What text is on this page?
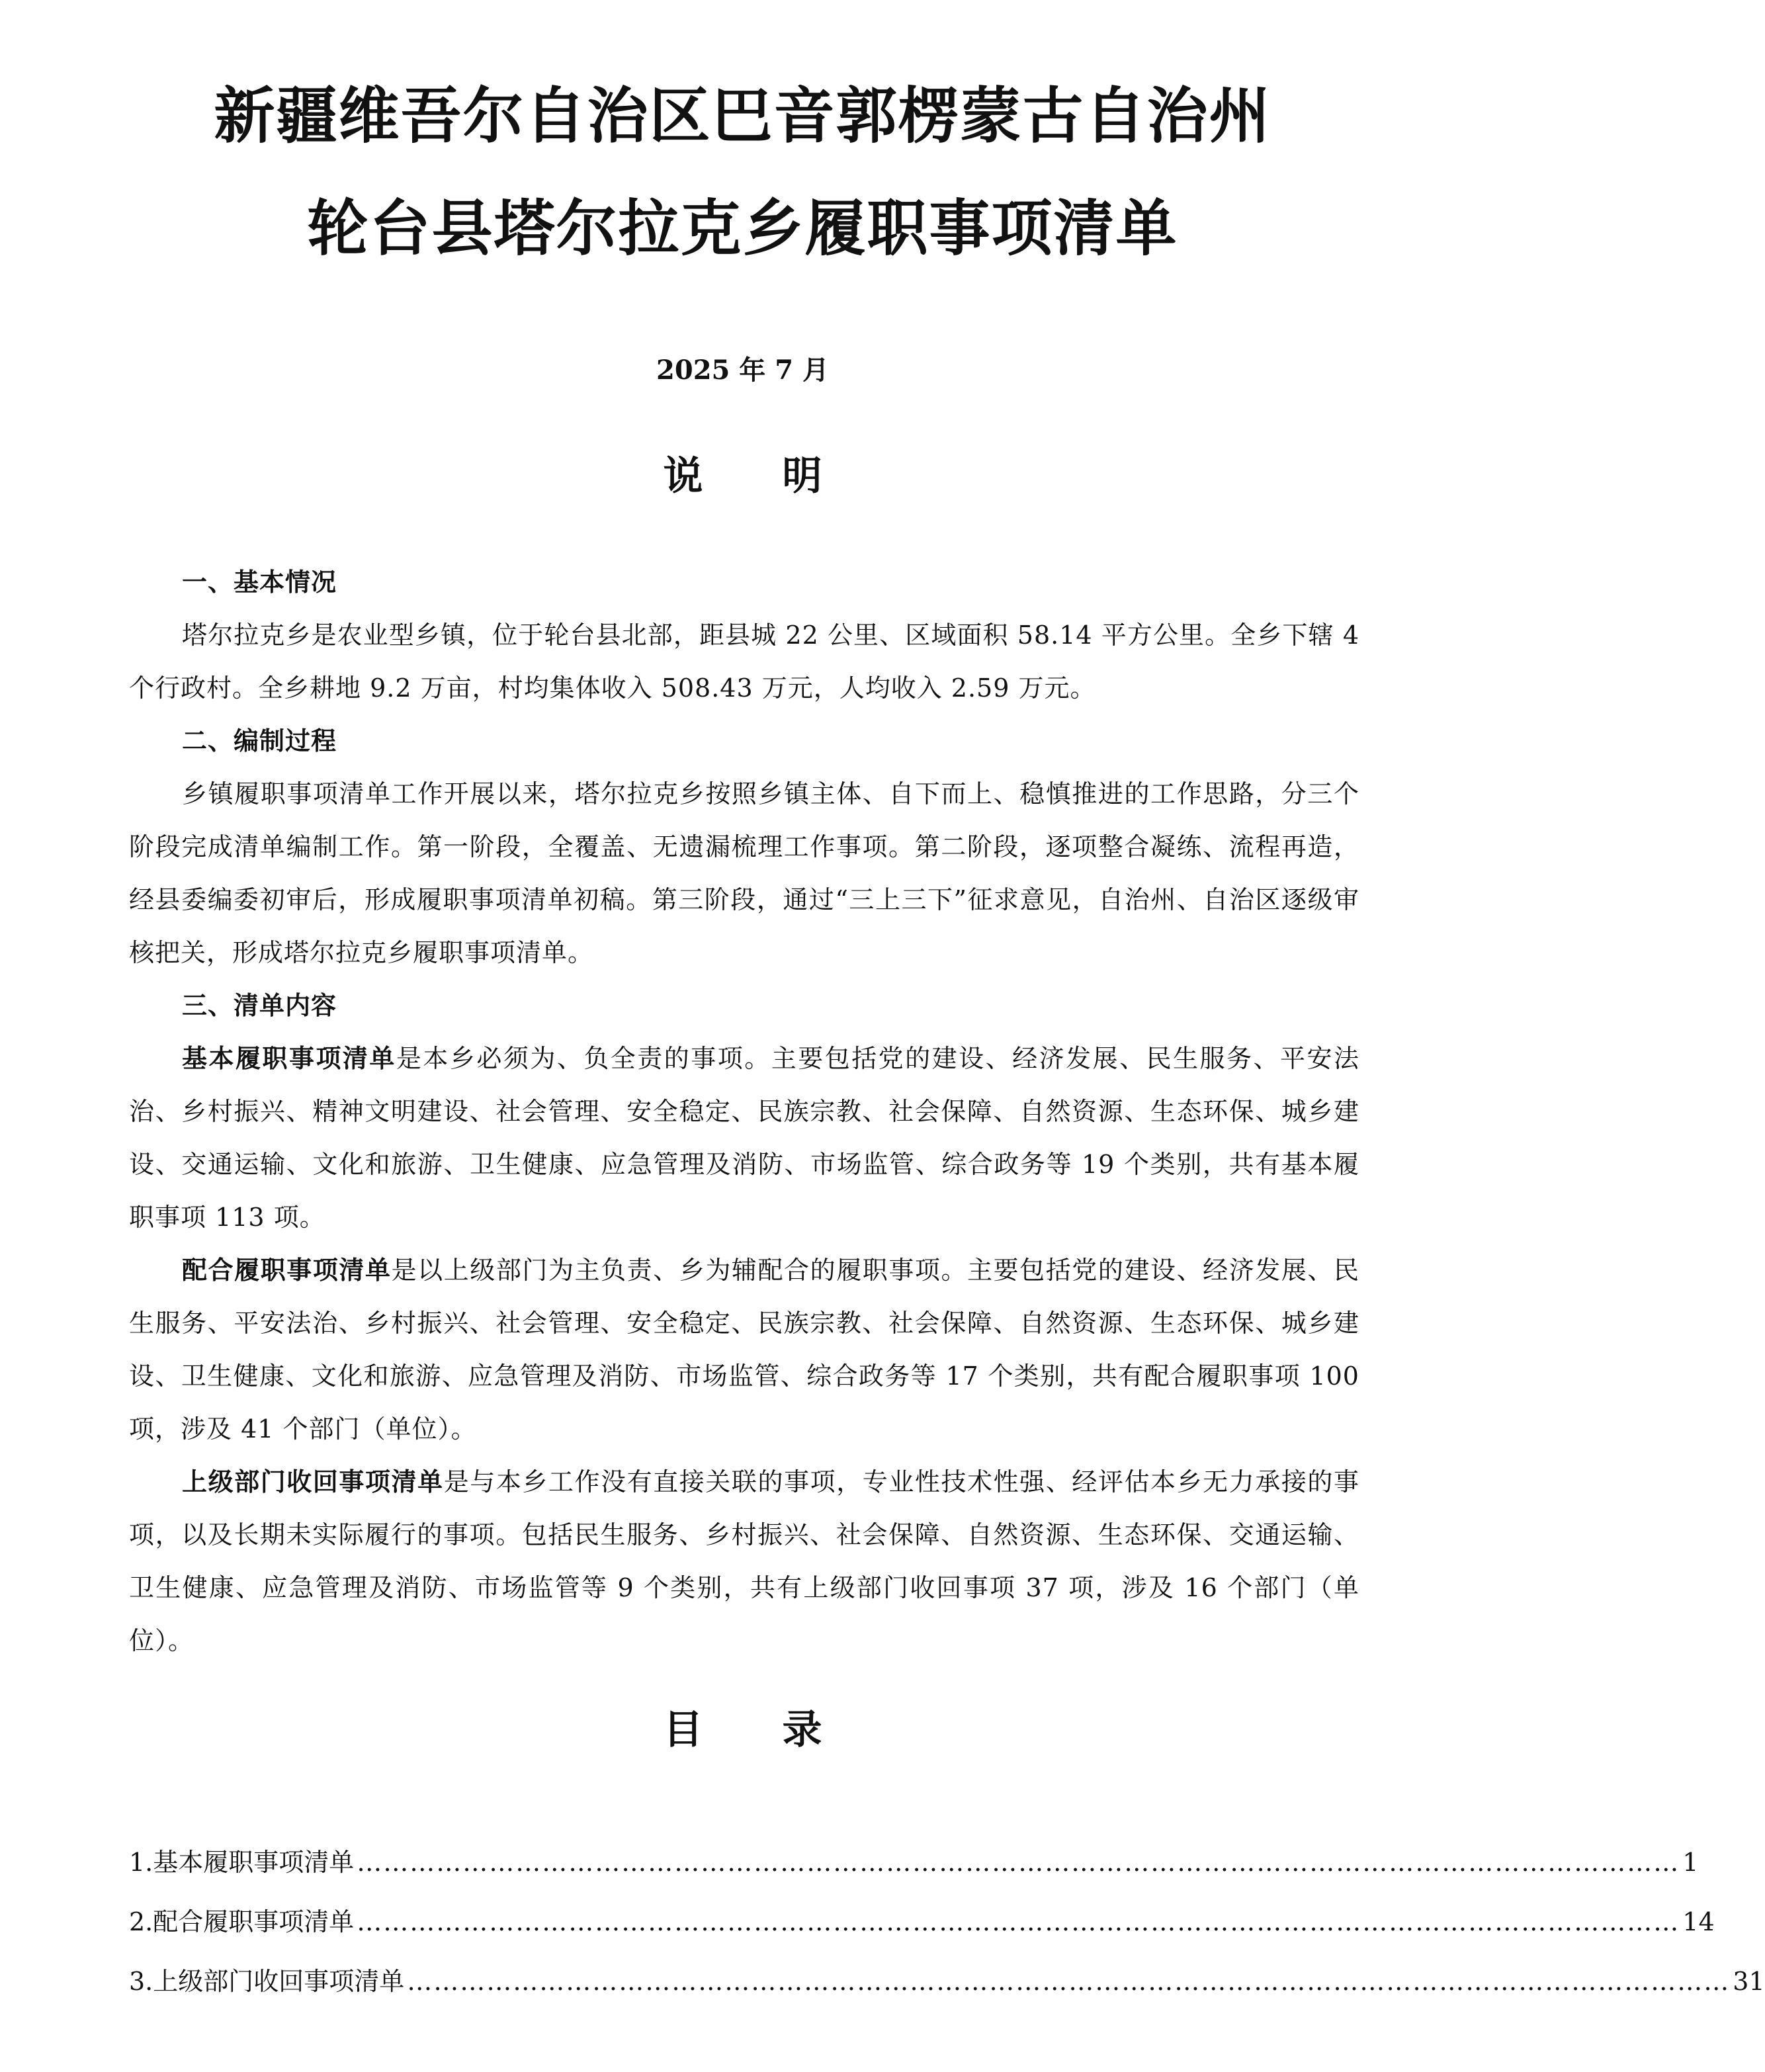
新疆维吾尔自治区巴音郭楞蒙古自治州
轮台县塔尔拉克乡履职事项清单
2025 年 7 月
说明
一、基本情况
塔尔拉克乡是农业型乡镇，位于轮台县北部，距县城 22 公里、区域面积 58.14 平方公里。全乡下辖 4 个行政村。全乡耕地 9.2 万亩，村均集体收入 508.43 万元，人均收入 2.59 万元。
二、编制过程
乡镇履职事项清单工作开展以来，塔尔拉克乡按照乡镇主体、自下而上、稳慎推进的工作思路，分三个阶段完成清单编制工作。第一阶段，全覆盖、无遗漏梳理工作事项。第二阶段，逐项整合凝练、流程再造，经县委编委初审后，形成履职事项清单初稿。第三阶段，通过“三上三下”征求意见，自治州、自治区逐级审核把关，形成塔尔拉克乡履职事项清单。
三、清单内容
基本履职事项清单是本乡必须为、负全责的事项。主要包括党的建设、经济发展、民生服务、平安法治、乡村振兴、精神文明建设、社会管理、安全稳定、民族宗教、社会保障、自然资源、生态环保、城乡建设、交通运输、文化和旅游、卫生健康、应急管理及消防、市场监管、综合政务等 19 个类别，共有基本履职事项 113 项。
配合履职事项清单是以上级部门为主负责、乡为辅配合的履职事项。主要包括党的建设、经济发展、民生服务、平安法治、乡村振兴、社会管理、安全稳定、民族宗教、社会保障、自然资源、生态环保、城乡建设、卫生健康、文化和旅游、应急管理及消防、市场监管、综合政务等 17 个类别，共有配合履职事项 100 项，涉及 41 个部门（单位）。
上级部门收回事项清单是与本乡工作没有直接关联的事项，专业性技术性强、经评估本乡无力承接的事项，以及长期未实际履行的事项。包括民生服务、乡村振兴、社会保障、自然资源、生态环保、交通运输、卫生健康、应急管理及消防、市场监管等 9 个类别，共有上级部门收回事项 37 项，涉及 16 个部门（单位）。
目录
1.基本履职事项清单 …………………………………………………………………………………………………………………………………… 1
2.配合履职事项清单 …………………………………………………………………………………………………………………………………… 14
3.上级部门收回事项清单 …………………………………………………………………………………………………………………………………… 31
